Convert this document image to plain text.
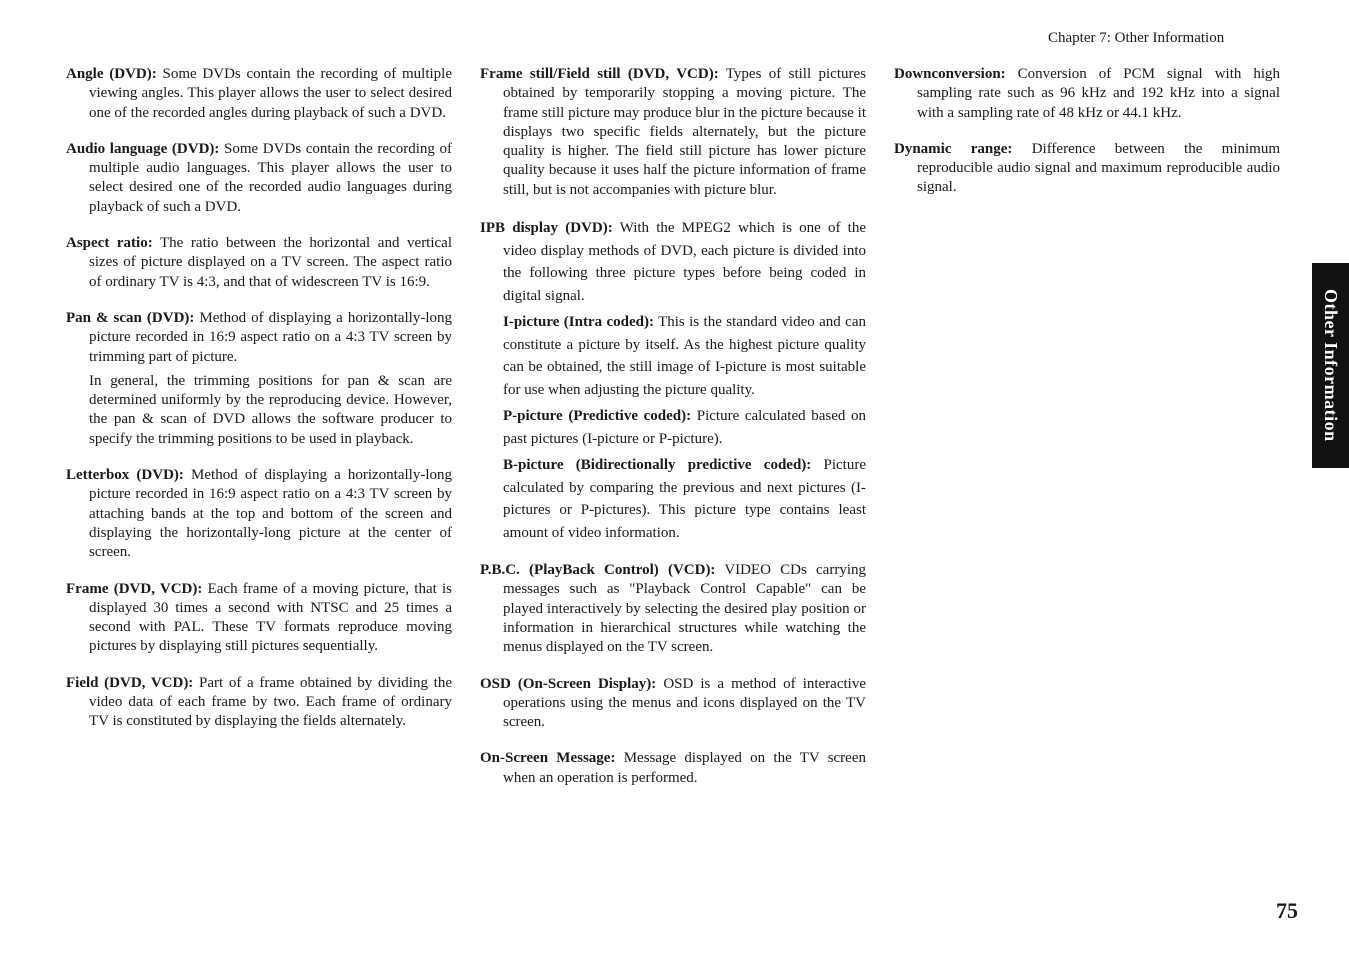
Chapter 7: Other Information

Angle (DVD): Some DVDs contain the recording of multiple viewing angles. This player allows the user to select desired one of the recorded angles during playback of such a DVD.

Audio language (DVD): Some DVDs contain the recording of multiple audio languages. This player allows the user to select desired one of the recorded audio languages during playback of such a DVD.

Aspect ratio: The ratio between the horizontal and vertical sizes of picture displayed on a TV screen. The aspect ratio of ordinary TV is 4:3, and that of widescreen TV is 16:9.

Pan & scan (DVD): Method of displaying a horizontally-long picture recorded in 16:9 aspect ratio on a 4:3 TV screen by trimming part of picture.

In general, the trimming positions for pan & scan are determined uniformly by the reproducing device. However, the pan & scan of DVD allows the software producer to specify the trimming positions to be used in playback.

Letterbox (DVD): Method of displaying a horizontally-long picture recorded in 16:9 aspect ratio on a 4:3 TV screen by attaching bands at the top and bottom of the screen and displaying the horizontally-long picture at the center of screen.

Frame (DVD, VCD): Each frame of a moving picture, that is displayed 30 times a second with NTSC and 25 times a second with PAL. These TV formats reproduce moving pictures by displaying still pictures sequentially.

Field (DVD, VCD): Part of a frame obtained by dividing the video data of each frame by two. Each frame of ordinary TV is constituted by displaying the fields alternately.

Frame still/Field still (DVD, VCD): Types of still pictures obtained by temporarily stopping a moving picture. The frame still picture may produce blur in the picture because it displays two specific fields alternately, but the picture quality is higher. The field still picture has lower picture quality because it uses half the picture information of frame still, but is not accompanies with picture blur.

IPB display (DVD): With the MPEG2 which is one of the video display methods of DVD, each picture is divided into the following three picture types before being coded in digital signal.

I-picture (Intra coded): This is the standard video and can constitute a picture by itself. As the highest picture quality can be obtained, the still image of I-picture is most suitable for use when adjusting the picture quality.

P-picture (Predictive coded): Picture calculated based on past pictures (I-picture or P-picture).

B-picture (Bidirectionally predictive coded): Picture calculated by comparing the previous and next pictures (I-pictures or P-pictures). This picture type contains least amount of video information.

P.B.C. (PlayBack Control) (VCD): VIDEO CDs carrying messages such as "Playback Control Capable" can be played interactively by selecting the desired play position or information in hierarchical structures while watching the menus displayed on the TV screen.

OSD (On-Screen Display): OSD is a method of interactive operations using the menus and icons displayed on the TV screen.

On-Screen Message: Message displayed on the TV screen when an operation is performed.

Downconversion: Conversion of PCM signal with high sampling rate such as 96 kHz and 192 kHz into a signal with a sampling rate of 48 kHz or 44.1 kHz.

Dynamic range: Difference between the minimum reproducible audio signal and maximum reproducible audio signal.

Other Information
75
